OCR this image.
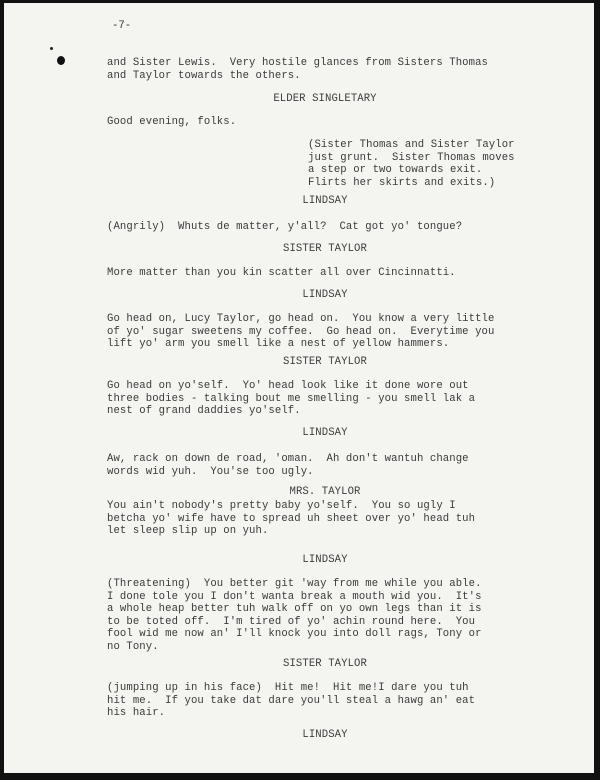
-7-
and Sister Lewis.  Very hostile glances from Sisters Thomas
and Taylor towards the others.
ELDER SINGLETARY
Good evening, folks.
(Sister Thomas and Sister Taylor
just grunt.  Sister Thomas moves
a step or two towards exit.
Flirts her skirts and exits.)
LINDSAY
(Angrily)  Whuts de matter, y'all?  Cat got yo' tongue?
SISTER TAYLOR
More matter than you kin scatter all over Cincinnatti.
LINDSAY
Go head on, Lucy Taylor, go head on.  You know a very little
of yo' sugar sweetens my coffee.  Go head on.  Everytime you
lift yo' arm you smell like a nest of yellow hammers.
SISTER TAYLOR
Go head on yo'self.  Yo' head look like it done wore out
three bodies - talking bout me smelling - you smell lak a
nest of grand daddies yo'self.
LINDSAY
Aw, rack on down de road, 'oman.  Ah don't wantuh change
words wid yuh.  You'se too ugly.
MRS. TAYLOR
You ain't nobody's pretty baby yo'self.  You so ugly I
betcha yo' wife have to spread uh sheet over yo' head tuh
let sleep slip up on yuh.
LINDSAY
(Threatening)  You better git 'way from me while you able.
I done tole you I don't wanta break a mouth wid you.  It's
a whole heap better tuh walk off on yo own legs than it is
to be toted off.  I'm tired of yo' achin round here.  You
fool wid me now an' I'll knock you into doll rags, Tony or
no Tony.
SISTER TAYLOR
(jumping up in his face)  Hit me!  Hit me!I dare you tuh
hit me.  If you take dat dare you'll steal a hawg an' eat
his hair.
LINDSAY
